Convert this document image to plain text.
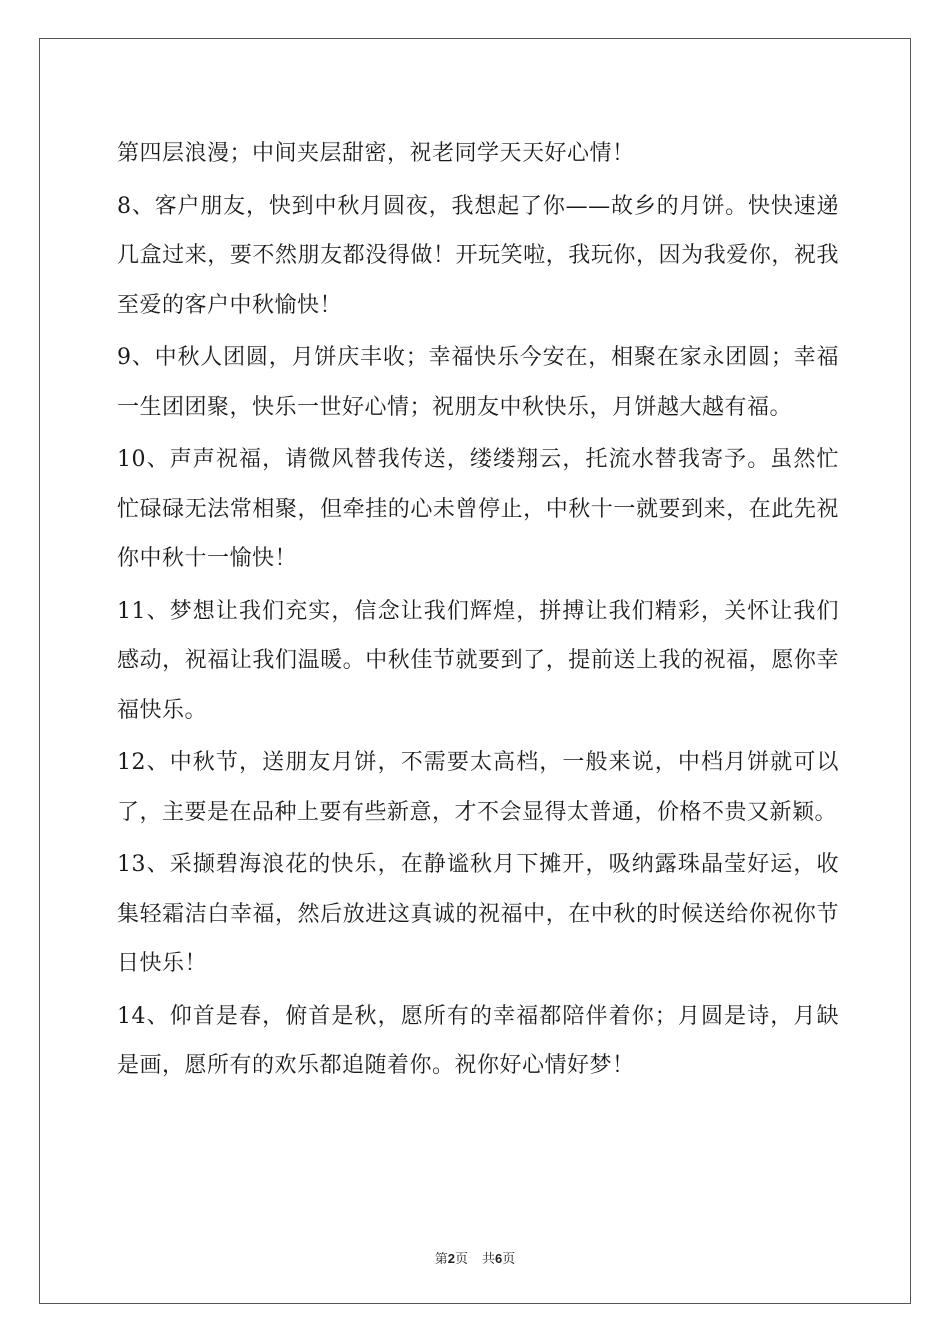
第四层浪漫；中间夹层甜密，祝老同学天天好心情！

8、客户朋友，快到中秋月圆夜，我想起了你——故乡的月饼。快快速递几盒过来，要不然朋友都没得做！开玩笑啦，我玩你，因为我爱你，祝我至爱的客户中秋愉快！

9、中秋人团圆，月饼庆丰收；幸福快乐今安在，相聚在家永团圆；幸福一生团团聚，快乐一世好心情；祝朋友中秋快乐，月饼越大越有福。

10、声声祝福，请微风替我传送，缕缕翔云，托流水替我寄予。虽然忙忙碌碌无法常相聚，但牵挂的心未曾停止，中秋十一就要到来，在此先祝你中秋十一愉快！

11、梦想让我们充实，信念让我们辉煌，拼搏让我们精彩，关怀让我们感动，祝福让我们温暖。中秋佳节就要到了，提前送上我的祝福，愿你幸福快乐。

12、中秋节，送朋友月饼，不需要太高档，一般来说，中档月饼就可以了，主要是在品种上要有些新意，才不会显得太普通，价格不贵又新颖。

13、采撷碧海浪花的快乐，在静谧秋月下摊开，吸纳露珠晶莹好运，收集轻霜洁白幸福，然后放进这真诚的祝福中，在中秋的时候送给你祝你节日快乐！

14、仰首是春，俯首是秋，愿所有的幸福都陪伴着你；月圆是诗，月缺是画，愿所有的欢乐都追随着你。祝你好心情好梦！

第2页 共6页
